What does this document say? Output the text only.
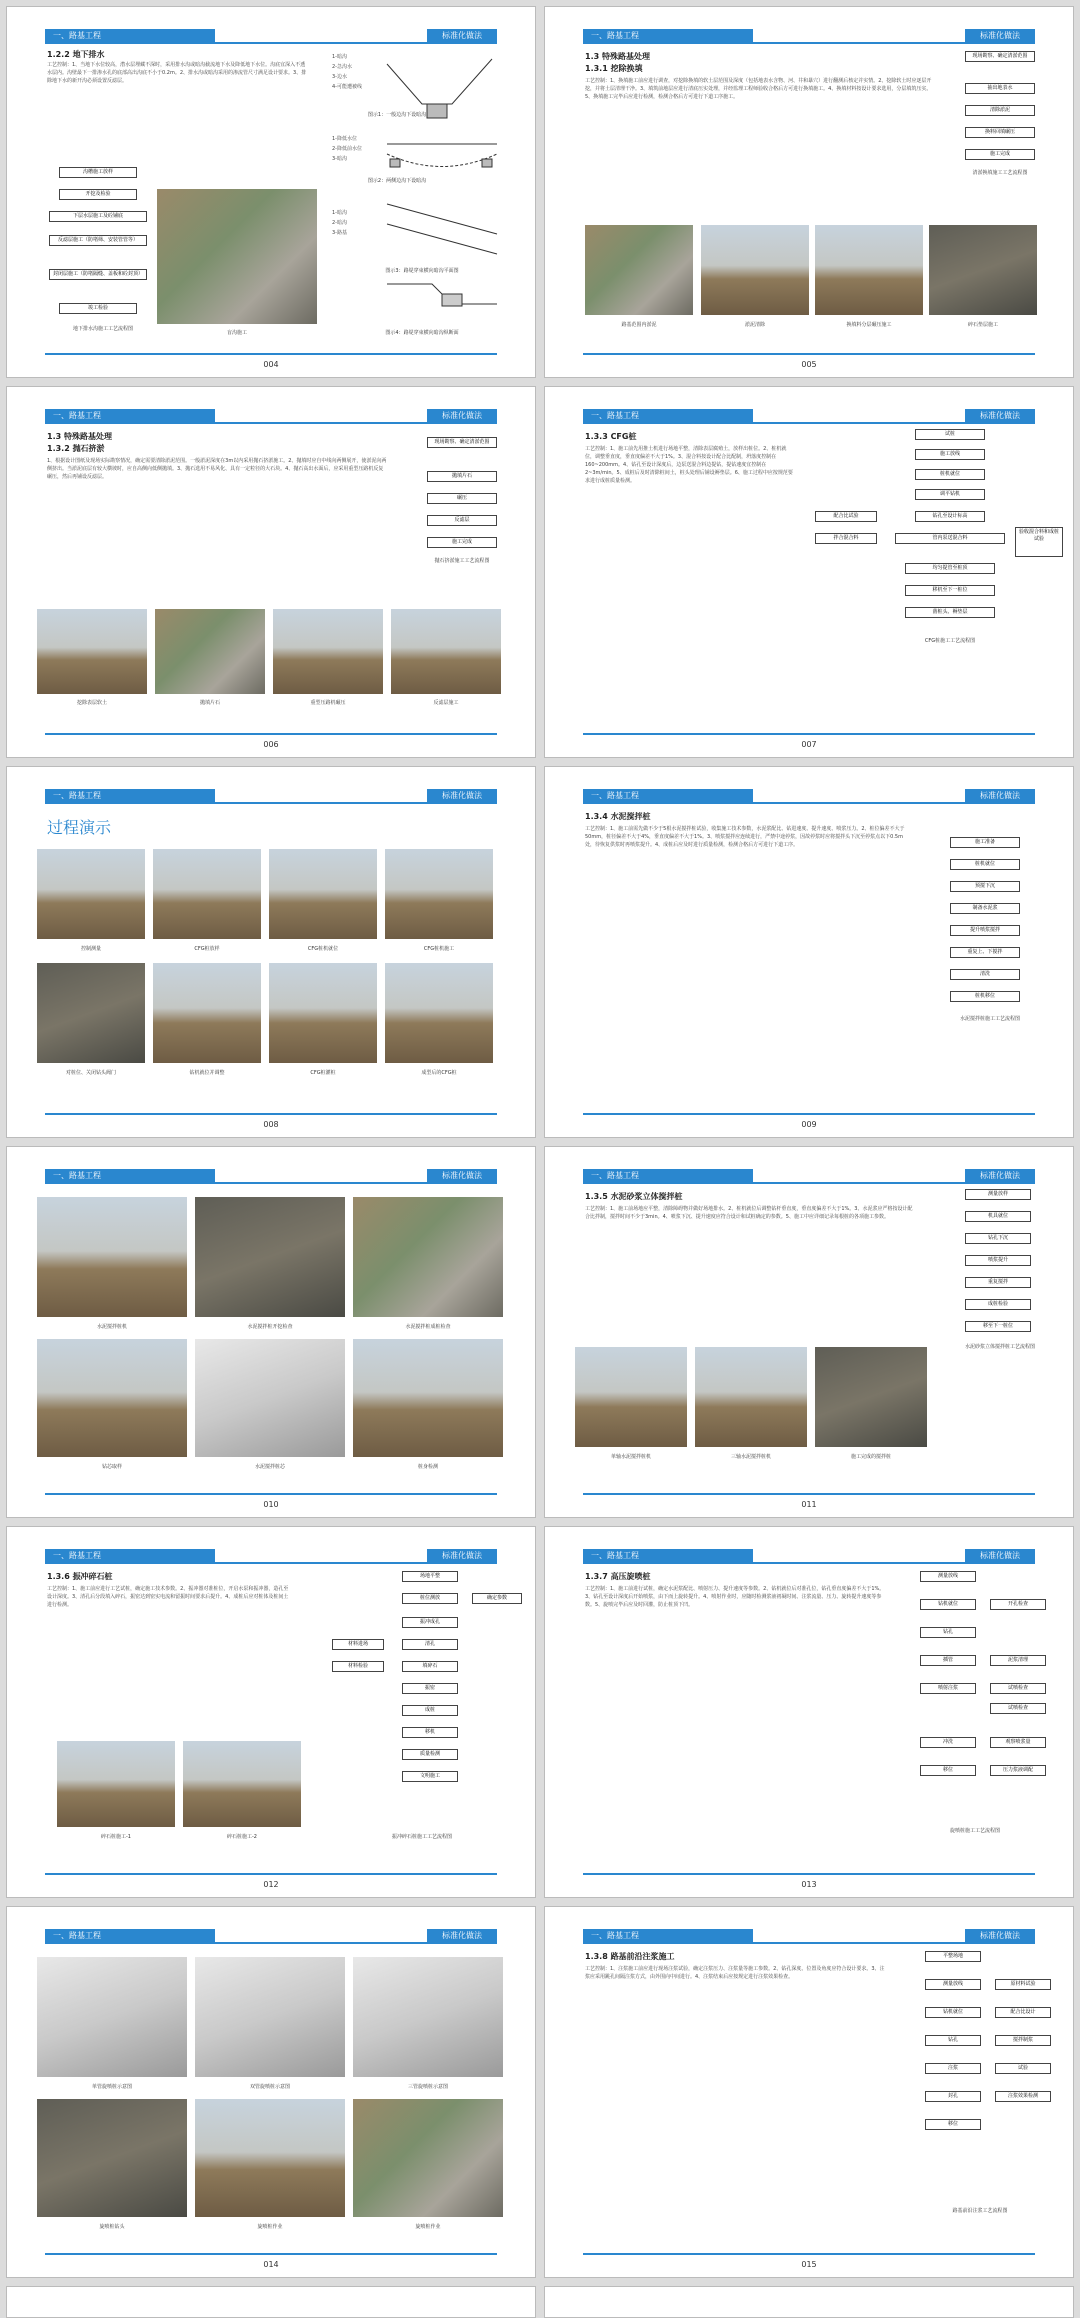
一、路基工程	标准化做法
1.2.2 地下排水
工艺控制：1、当地下水位较高，潜水层埋藏不深时，采用排水沟或暗沟截流地下水及降低地下水位。沟底宜深入不透水层内。沟壁最下一排渗水孔的底部高出沟底不小于0.2m。2、排水沟或暗沟采用的渗流管尺寸满足设计要求。3、排除地下水的新开沟必须设置反滤层。
沟槽施工放样
开挖及检验
下层水层施工及砼铺底
反滤层施工（防堵筛、安装管管等）
封闭层施工（防堵隔缝、盖板和砼封顶）
竣工检验
地下排水沟施工工艺流程图
盲沟施工
1-暗沟
2-急沟水
3-边水
4-可能遭被线
图示1：一般边沟下设暗沟
1-降低水位
2-降低前水位
3-暗沟
图示2：两侧边沟下设暗沟
1-暗沟
2-暗沟
3-路基
图示3：路堤穿束横向暗沟平面图
图示4：路堤穿束横向暗沟纵断面
004
一、路基工程	标准化做法
1.3 特殊路基处理
1.3.1 挖除换填
工艺控制：1、换填施工前应进行调查，对挖除换填的软土层范围及深度（包括地表水含物、河、井和暴穴）进行翻测后核定并实情。2、挖除软土时应逐层开挖，并将土层清理干净。3、填筑前地层应进行清底压实处理，并经监理工程师验收合格后方可进行换填施工。4、换填材料按设计要求选用，分层填筑压实。5、换填施工完毕后应进行检测，检测合格后方可进行下道工序施工。
现场勘察、确定清淤范围
抽出地表水
清除淤泥
换料回填碾压
施工完成
清淤换填施工工艺流程图
路基范围内淤泥	淤泥清除	换填料分层碾压施工	碎石垫层施工
005
一、路基工程	标准化做法
1.3 特殊路基处理
1.3.2 抛石挤淤
1、根据设计图纸及现场实际勘察情况，确定需要清除淤泥范围。一般淤泥深度在3m以内采用抛石挤淤施工。2、抛填时应自中线向两侧展开，使淤泥向两侧挤出。当淤泥底层有较大横坡时，应自高侧向低侧抛填。3、抛石选用不易风化、具有一定粒径的大石块。4、抛石高出水面后，应采用重型压路机反复碾压，然后再铺设反滤层。
现场勘察、确定清淤范围
抛填片石
碾压
反滤层
施工完成
抛石挤淤施工工艺流程图
挖除表层软土	抛填片石	重型压路机碾压	反滤层施工
006
一、路基工程	标准化做法
1.3.3 CFG桩
工艺控制：1、施工前先用推土机进行场地平整，清除表层腐殖土，放样出桩位。2、桩机就位，调整垂直度，垂直度偏差不大于1%。3、混合料按设计配合比配制，坍落度控制在160~200mm。4、钻孔至设计深度后，边泵送混合料边提钻，提钻速度宜控制在2~3m/min。5、成桩后及时清除桩间土，桩头处理后铺设褥垫层。6、施工过程中应按规范要求进行成桩质量检测。
试桩
施工放线
桩机就位
调平钻机
钻孔至设计标高
管内泵送混合料
均匀提管至桩顶
移机至下一桩位
凿桩头、褥垫层
配合比试验
拌合混合料
验收混合料和成桩试验
CFG桩施工工艺流程图
007
一、路基工程	标准化做法
过程演示
控制测量	CFG桩放样	CFG桩机就位	CFG桩机施工
对桩位、关闭钻头阀门	钻机就位并调整	CFG桩灌桩	成型后的CFG桩
008
一、路基工程	标准化做法
1.3.4 水泥搅拌桩
工艺控制：1、施工前需先做不少于5根水泥搅拌桩试验，收集施工技术参数，水泥浆配比、钻进速度、提升速度、喷浆压力。2、桩位偏差不大于50mm，桩径偏差不大于4%，垂直度偏差不大于1%。3、喷浆搅拌应连续进行，严禁中途停浆，因故停浆时应将搅拌头下沉至停浆点以下0.5m处，待恢复供浆时再喷浆提升。4、成桩后应及时进行质量检测，检测合格后方可进行下道工序。	施工准备
桩机就位
预搅下沉
制备水泥浆
提升喷浆搅拌
重复上、下搅拌
清洗
桩机移位
水泥搅拌桩施工工艺流程图
009
一、路基工程	标准化做法
水泥搅拌桩机	水泥搅拌桩开挖检查	水泥搅拌桩成桩检查
钻芯取样	水泥搅拌桩芯	桩身检测
010
一、路基工程	标准化做法
1.3.5 水泥砂浆立体搅拌桩
工艺控制：1、施工前场地应平整，清除障碍物并做好场地排水。2、桩机就位后调整钻杆垂直度，垂直度偏差不大于1%。3、水泥浆应严格按设计配合比拌制，搅拌时间不少于3min。4、喷浆下沉、提升速度应符合设计和试桩确定的参数。5、施工中应详细记录每根桩的各项施工参数。
测量放样
机具就位
钻孔下沉
喷浆提升
重复搅拌
成桩检验
移至下一桩位
水泥砂浆立体搅拌桩工艺流程图
单轴水泥搅拌桩机	三轴水泥搅拌桩机	施工完成的搅拌桩
011
一、路基工程	标准化做法
1.3.6 振冲碎石桩
工艺控制：1、施工前应进行工艺试桩，确定施工技术参数。2、振冲器对准桩位，开启水泵和振冲器，造孔至设计深度。3、清孔后分段填入碎石，振密达到密实电流和留振时间要求后提升。4、成桩后应对桩体及桩间土进行检测。
场地平整
桩位测放
振冲成孔
清孔
填碎石
振密
成桩
移机
质量检测
文明施工
材料进场
材料检验
确定参数
碎石桩施工-1	碎石桩施工-2	振冲碎石桩施工工艺流程图
012
一、路基工程	标准化做法
1.3.7 高压旋喷桩
工艺控制：1、施工前进行试桩，确定水泥浆配比、喷射压力、提升速度等参数。2、钻机就位后对准孔位，钻孔垂直度偏差不大于1%。3、钻孔至设计深度后开始喷浆，由下而上旋转提升。4、喷射作业时，应随时检测浆液初凝时间、注浆流量、压力、旋转提升速度等参数。5、旋喷完毕后应及时回灌，防止桩顶下凹。
测量放线
钻机就位
钻孔
插管
喷射注浆
冲洗
移位
开孔检查
泥浆清理
试喷检查
试喷检查
观察喷浆量
压力浆液调配
旋喷桩施工工艺流程图
013
一、路基工程	标准化做法
单管旋喷桩示意图	双管旋喷桩示意图	三管旋喷桩示意图
旋喷桩钻头	旋喷桩作业	旋喷桩作业
014
一、路基工程	标准化做法
1.3.8 路基前沿注浆施工
工艺控制：1、注浆施工前应进行现场注浆试验，确定注浆压力、注浆量等施工参数。2、钻孔深度、位置及角度应符合设计要求。3、注浆应采用跳孔间隔注浆方式，由外围向中间进行。4、注浆结束后应按规定进行注浆效果检查。
平整场地
测量放线
钻机就位
钻孔
注浆
封孔
移位
原材料试验
配合比设计
搅拌制浆
试验
注浆效果检测
路基前沿注浆工艺流程图
015
